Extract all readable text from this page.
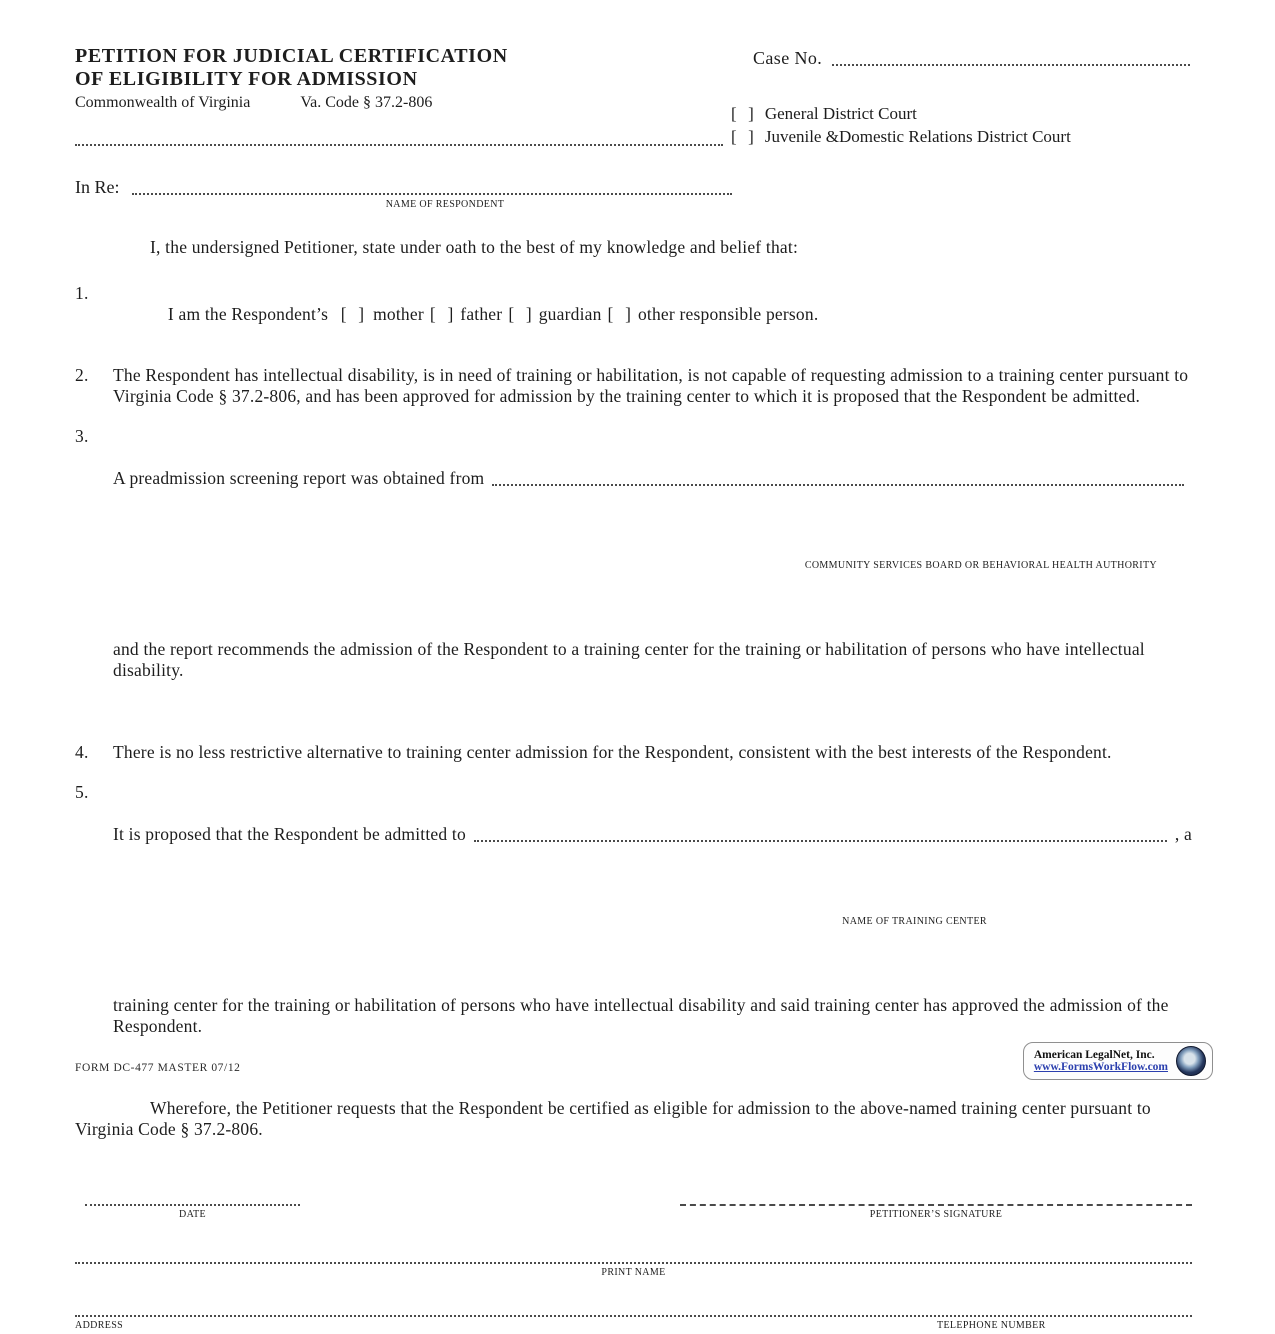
PETITION FOR JUDICIAL CERTIFICATION
OF ELIGIBILITY FOR ADMISSION
Commonwealth of Virginia	Va. Code § 37.2-806
Case No.
[  ] General District Court
[  ] Juvenile &Domestic Relations District Court
In Re:
NAME OF RESPONDENT

I, the undersigned Petitioner, state under oath to the best of my knowledge and belief that:

1.

I am the Respondent’s [  ] mother [  ] father [  ] guardian [  ] other responsible person.

2.	The Respondent has intellectual disability, is in need of training or habilitation, is not capable of requesting admission to a training center pursuant to Virginia Code § 37.2-806, and has been approved for admission by the training center to which it is proposed that the Respondent be admitted.
3.

A preadmission screening report was obtained from

COMMUNITY SERVICES BOARD OR BEHAVIORAL HEALTH AUTHORITY

and the report recommends the admission of the Respondent to a training center for the training or habilitation of persons who have intellectual disability.

4.	There is no less restrictive alternative to training center admission for the Respondent, consistent with the best interests of the Respondent.
5.

It is proposed that the Respondent be admitted to	, a

NAME OF TRAINING CENTER

training center for the training or habilitation of persons who have intellectual disability and said training center has approved the admission of the Respondent.

Wherefore, the Petitioner requests that the Respondent be certified as eligible for admission to the above-named training center pursuant to Virginia Code § 37.2-806.

DATE	PETITIONER’S SIGNATURE
PRINT NAME
ADDRESS	TELEPHONE NUMBER
FORM DC-477 MASTER 07/12
American LegalNet, Inc.
www.FormsWorkFlow.com
